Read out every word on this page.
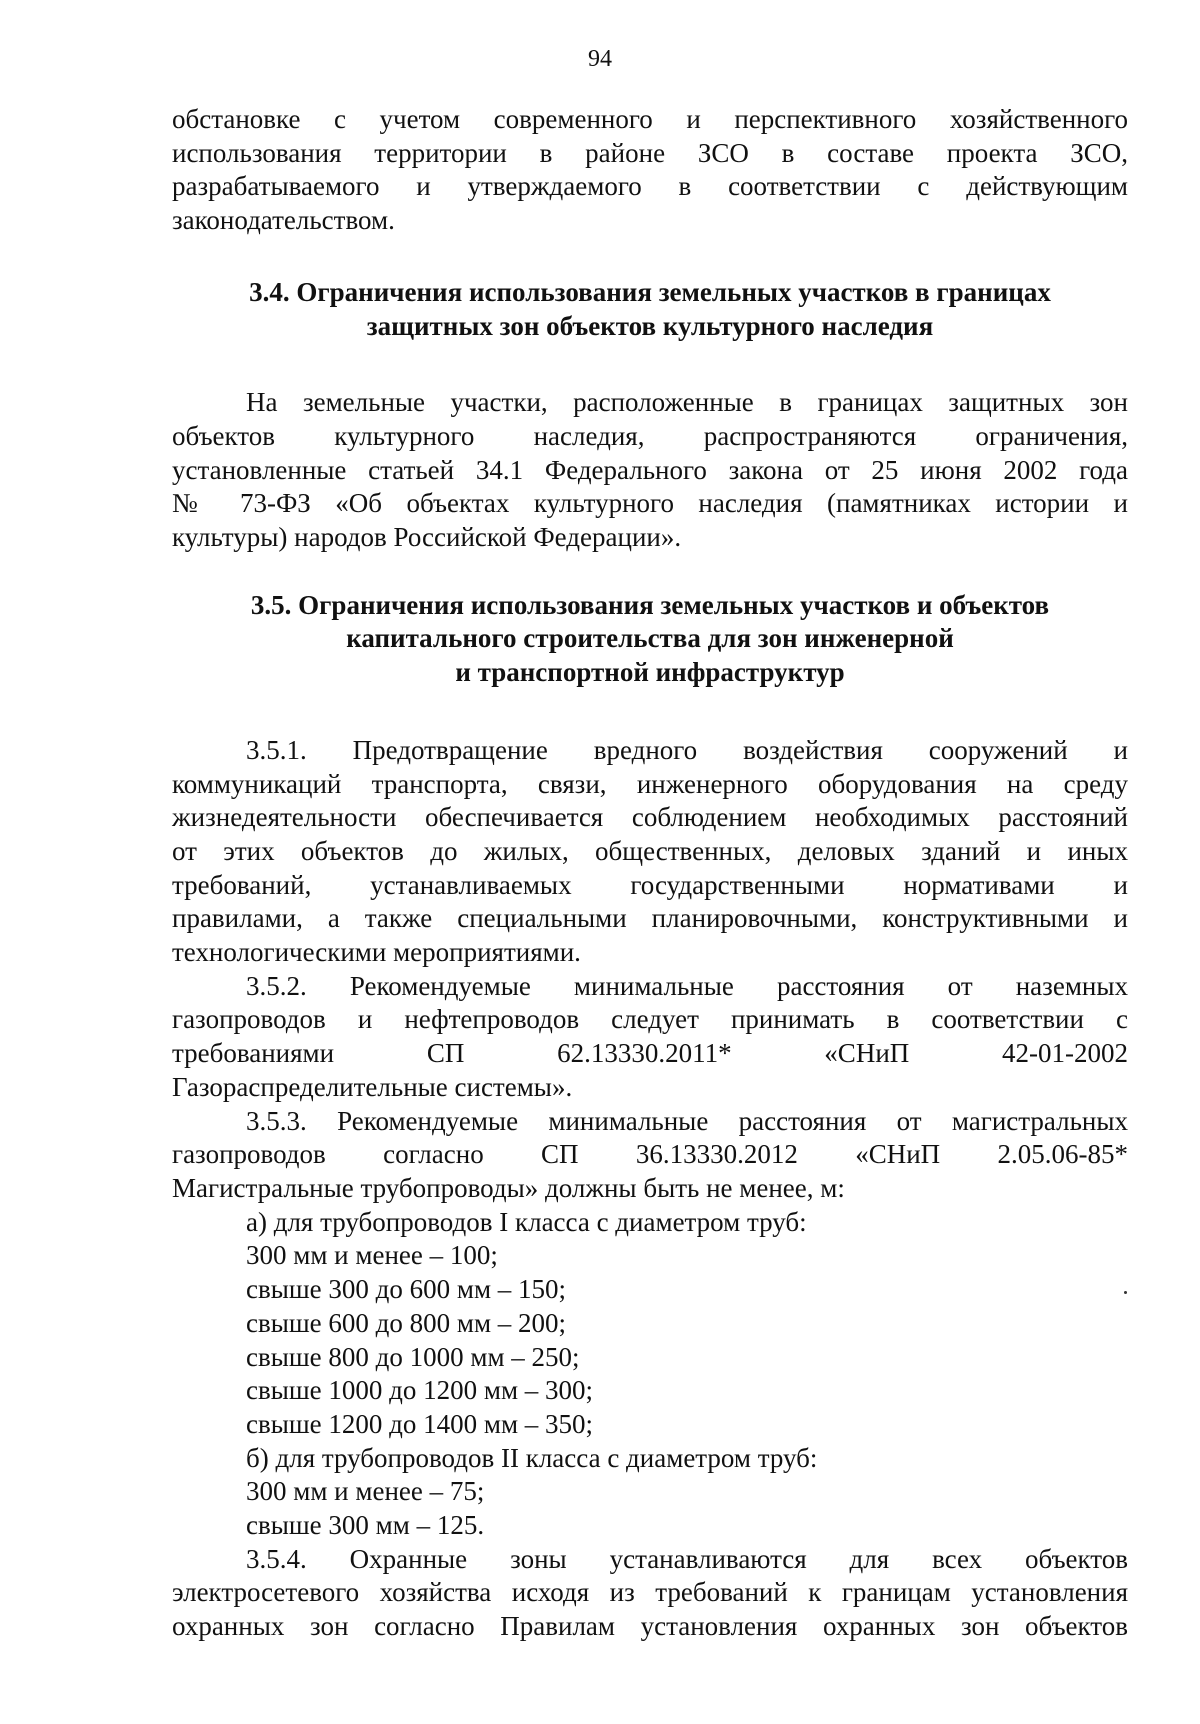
94

обстановке с учетом современного и перспективного хозяйственного

использования территории в районе ЗСО в составе проекта ЗСО,

разрабатываемого и утверждаемого в соответствии с действующим

законодательством.

3.4. Ограничения использования земельных участков в границах

защитных зон объектов культурного наследия

На земельные участки, расположенные в границах защитных зон

объектов культурного наследия, распространяются ограничения,

установленные статьей 34.1 Федерального закона от 25 июня 2002 года

№ 73-ФЗ «Об объектах культурного наследия (памятниках истории и

культуры) народов Российской Федерации».

3.5. Ограничения использования земельных участков и объектов

капитального строительства для зон инженерной

и транспортной инфраструктур

3.5.1. Предотвращение вредного воздействия сооружений и

коммуникаций транспорта, связи, инженерного оборудования на среду

жизнедеятельности обеспечивается соблюдением необходимых расстояний

от этих объектов до жилых, общественных, деловых зданий и иных

требований, устанавливаемых государственными нормативами и

правилами, а также специальными планировочными, конструктивными и

технологическими мероприятиями.

3.5.2. Рекомендуемые минимальные расстояния от наземных

газопроводов и нефтепроводов следует принимать в соответствии с

требованиями СП 62.13330.2011* «СНиП 42-01-2002

Газораспределительные системы».

3.5.3. Рекомендуемые минимальные расстояния от магистральных

газопроводов согласно СП 36.13330.2012 «СНиП 2.05.06-85*

Магистральные трубопроводы» должны быть не менее, м:

а) для трубопроводов I класса с диаметром труб:

300 мм и менее – 100;

свыше 300 до 600 мм – 150;

свыше 600 до 800 мм – 200;

свыше 800 до 1000 мм – 250;

свыше 1000 до 1200 мм – 300;

свыше 1200 до 1400 мм – 350;

б) для трубопроводов II класса с диаметром труб:

300 мм и менее – 75;

свыше 300 мм – 125.

3.5.4. Охранные зоны устанавливаются для всех объектов

электросетевого хозяйства исходя из требований к границам установления

охранных зон согласно Правилам установления охранных зон объектов
